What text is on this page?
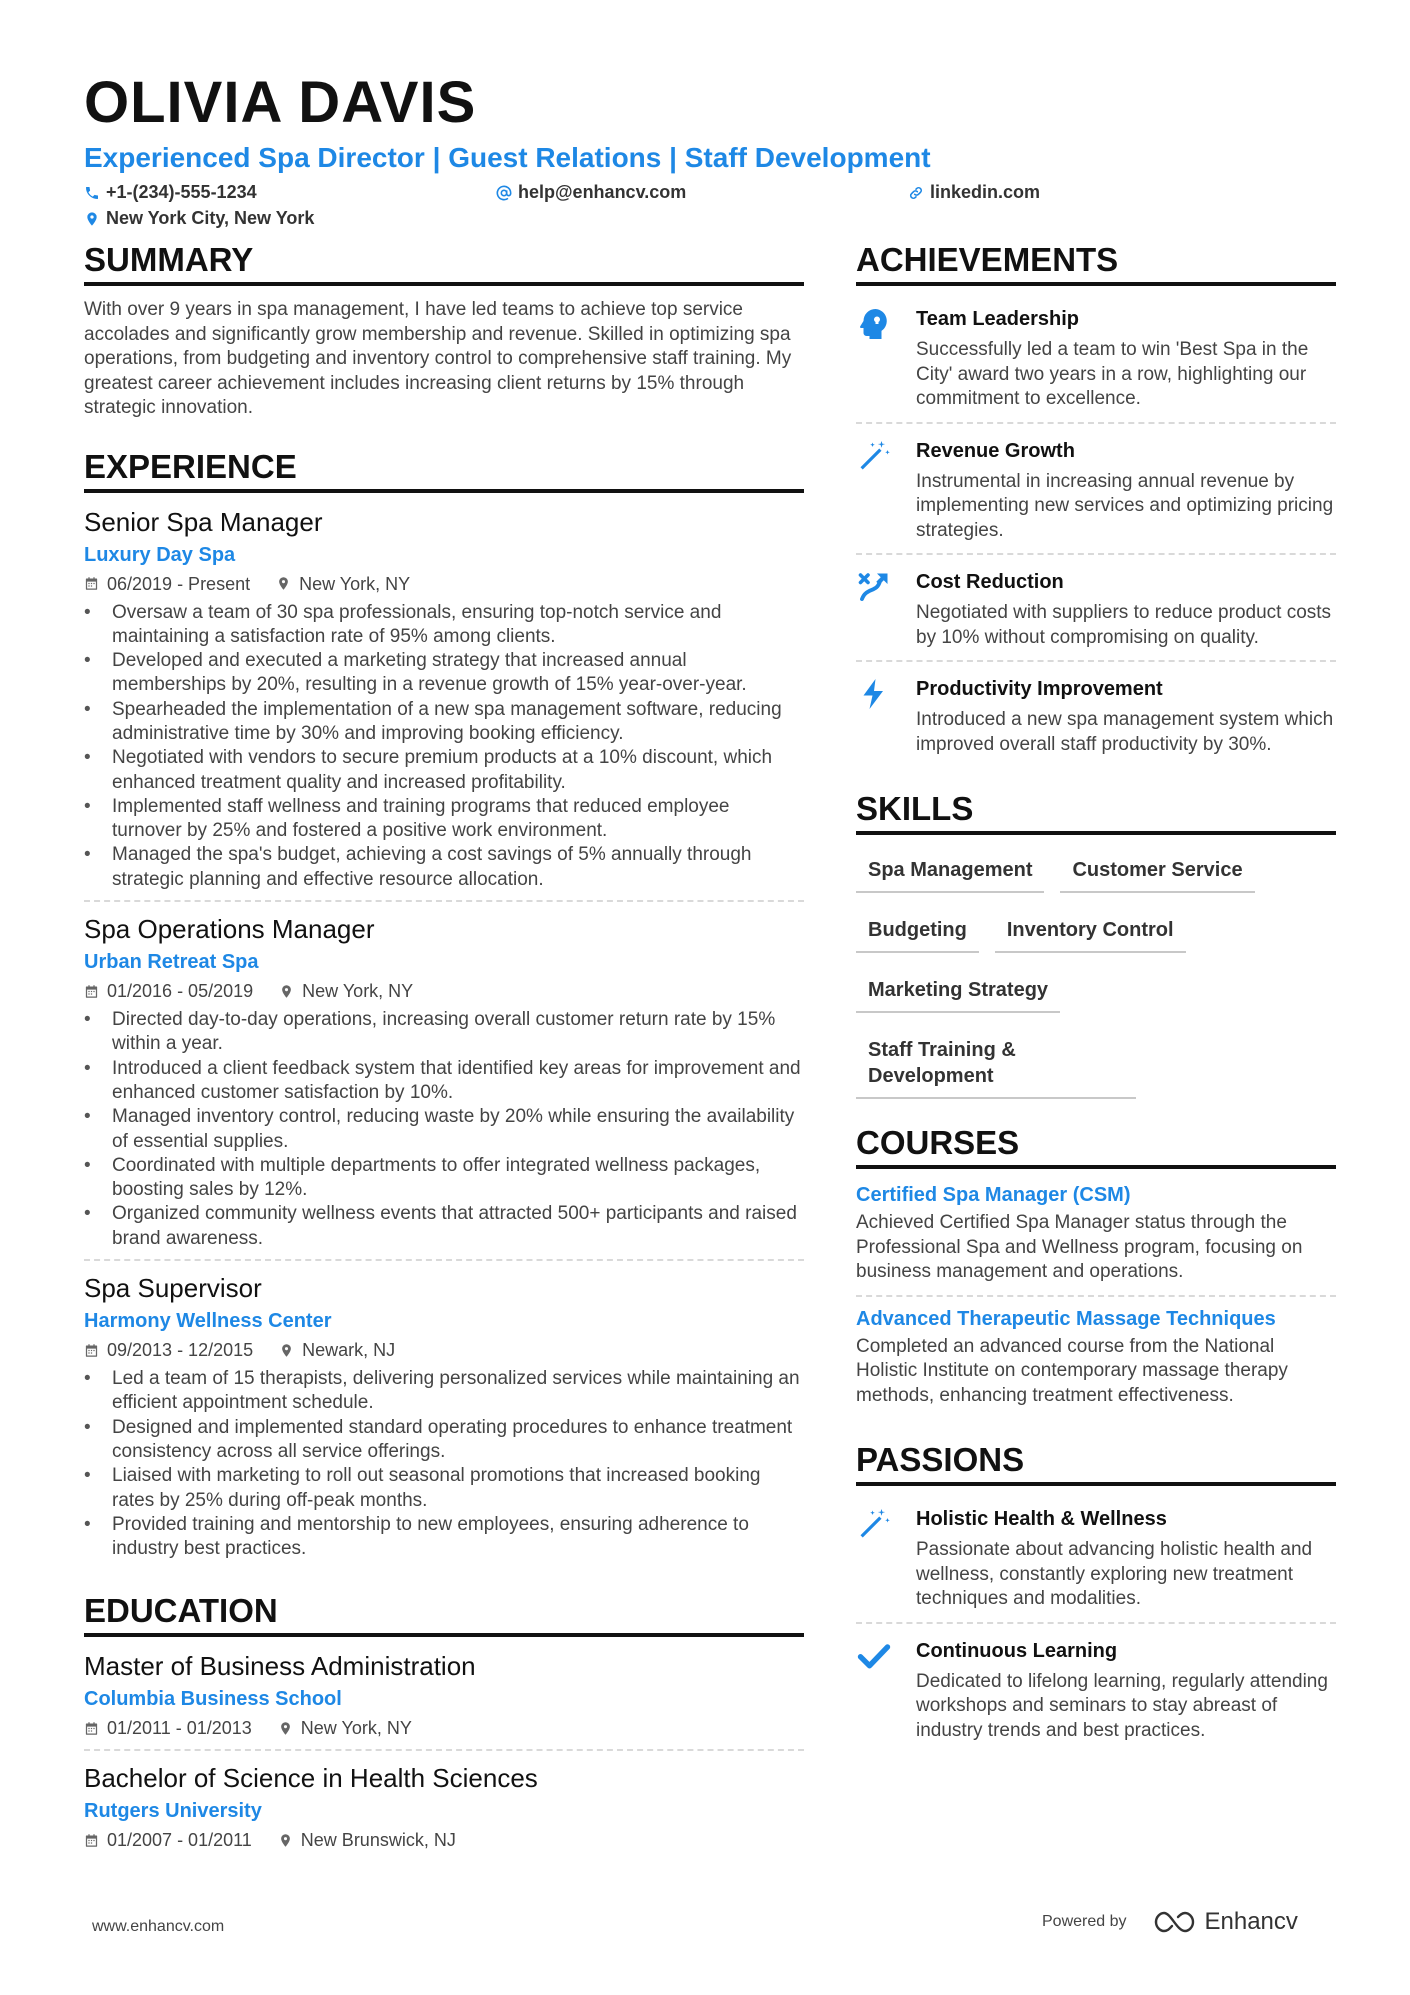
OLIVIA DAVIS
Experienced Spa Director | Guest Relations | Staff Development
+1-(234)-555-1234	help@enhancv.com	linkedin.com
New York City, New York
SUMMARY

With over 9 years in spa management, I have led teams to achieve top service accolades and significantly grow membership and revenue. Skilled in optimizing spa operations, from budgeting and inventory control to comprehensive staff training. My greatest career achievement includes increasing client returns by 15% through strategic innovation.

EXPERIENCE
Senior Spa Manager
Luxury Day Spa
06/2019 - Present	New York, NY
• Oversaw a team of 30 spa professionals, ensuring top-notch service and maintaining a satisfaction rate of 95% among clients.
• Developed and executed a marketing strategy that increased annual memberships by 20%, resulting in a revenue growth of 15% year-over-year.
• Spearheaded the implementation of a new spa management software, reducing administrative time by 30% and improving booking efficiency.
• Negotiated with vendors to secure premium products at a 10% discount, which enhanced treatment quality and increased profitability.
• Implemented staff wellness and training programs that reduced employee turnover by 25% and fostered a positive work environment.
• Managed the spa's budget, achieving a cost savings of 5% annually through strategic planning and effective resource allocation.
Spa Operations Manager
Urban Retreat Spa
01/2016 - 05/2019	New York, NY
• Directed day-to-day operations, increasing overall customer return rate by 15% within a year.
• Introduced a client feedback system that identified key areas for improvement and enhanced customer satisfaction by 10%.
• Managed inventory control, reducing waste by 20% while ensuring the availability of essential supplies.
• Coordinated with multiple departments to offer integrated wellness packages, boosting sales by 12%.
• Organized community wellness events that attracted 500+ participants and raised brand awareness.
Spa Supervisor
Harmony Wellness Center
09/2013 - 12/2015	Newark, NJ
• Led a team of 15 therapists, delivering personalized services while maintaining an efficient appointment schedule.
• Designed and implemented standard operating procedures to enhance treatment consistency across all service offerings.
• Liaised with marketing to roll out seasonal promotions that increased booking rates by 25% during off-peak months.
• Provided training and mentorship to new employees, ensuring adherence to industry best practices.
EDUCATION
Master of Business Administration
Columbia Business School
01/2011 - 01/2013	New York, NY
Bachelor of Science in Health Sciences
Rutgers University
01/2007 - 01/2011	New Brunswick, NJ
ACHIEVEMENTS
Team Leadership
Successfully led a team to win 'Best Spa in the City' award two years in a row, highlighting our commitment to excellence.
Revenue Growth
Instrumental in increasing annual revenue by implementing new services and optimizing pricing strategies.
Cost Reduction
Negotiated with suppliers to reduce product costs by 10% without compromising on quality.
Productivity Improvement
Introduced a new spa management system which improved overall staff productivity by 30%.
SKILLS
Spa Management	Customer Service
Budgeting	Inventory Control
Marketing Strategy
Staff Training & Development
COURSES
Certified Spa Manager (CSM)
Achieved Certified Spa Manager status through the Professional Spa and Wellness program, focusing on business management and operations.
Advanced Therapeutic Massage Techniques
Completed an advanced course from the National Holistic Institute on contemporary massage therapy methods, enhancing treatment effectiveness.
PASSIONS
Holistic Health & Wellness
Passionate about advancing holistic health and wellness, constantly exploring new treatment techniques and modalities.
Continuous Learning
Dedicated to lifelong learning, regularly attending workshops and seminars to stay abreast of industry trends and best practices.
www.enhancv.com	Powered by	Enhancv
